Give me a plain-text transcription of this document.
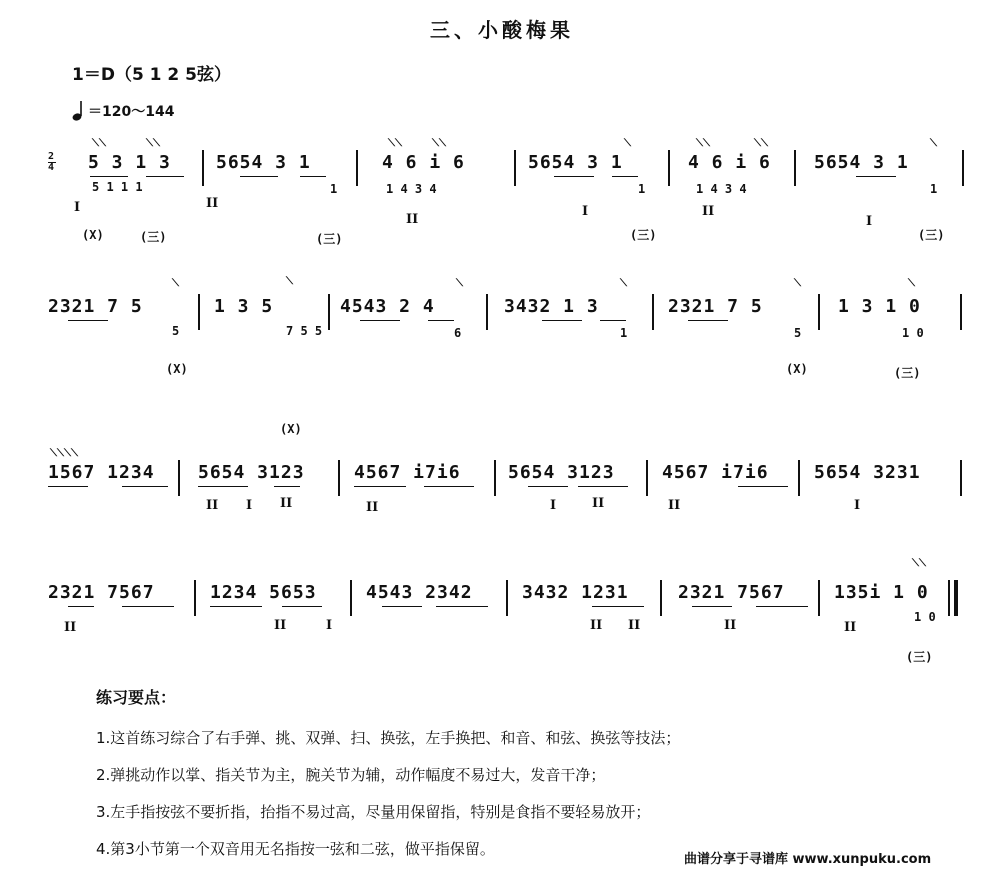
三、小酸梅果
1＝D（5 1 2 5弦）
＝120～144
2
4 5 3 1 3	5654 3 1	4 6 i 6	5654 3 1	4 6 i 6 5654 3 1
⟍⟍	⟍⟍	⟍⟍	⟍⟍	⟍	⟍⟍	⟍⟍	⟍
5 1 1 1	1	1 4 3 4	1	1 4 3 4	1
I	II
II
I	II
I
(X)	(三)	(三)	(三)	(三)
2321 7 5	1 3 5	4543 2 4	3432 1 3	2321 7 5	1 3 1 0
⟍	⟍	⟍	⟍	⟍	⟍
5	7 5 5	6	1	5	1 0
(X)
(X)
(X)	(三)
⟍⟍⟍⟍
1567 1234 5654 3123	4567 i7i6	5654 3123	4567 i7i6	5654 3231
II I II	II	I	II	II	I
2321 7567	1234 5653	4543 2342	3432 1231	2321 7567	135i 1 0
⟍⟍
1 0
II	II	I	II II	II	II
(三)
练习要点：
1.这首练习综合了右手弹、挑、双弹、扫、换弦，左手换把、和音、和弦、换弦等技法；
2.弹挑动作以掌、指关节为主，腕关节为辅，动作幅度不易过大，发音干净；
3.左手指按弦不要折指，抬指不易过高，尽量用保留指，特别是食指不要轻易放开；
4.第3小节第一个双音用无名指按一弦和二弦，做平指保留。
曲谱分享于寻谱库 www.xunpuku.com
